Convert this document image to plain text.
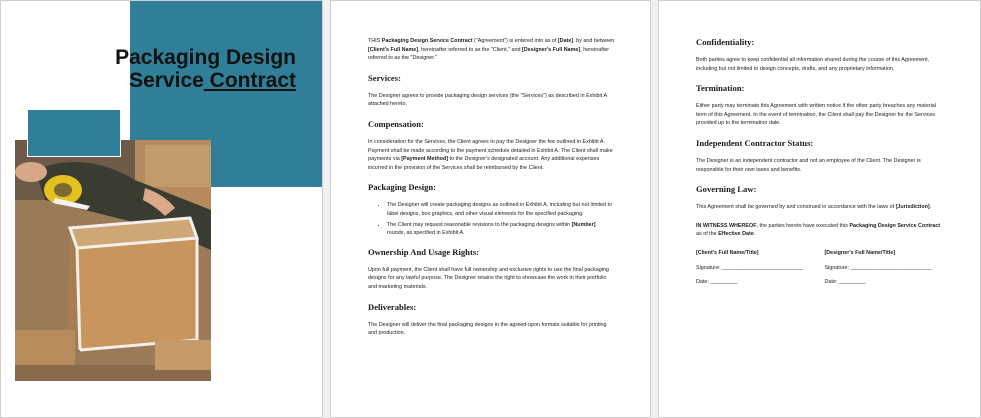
Packaging Design
Service Contract

THIS Packaging Design Service Contract ("Agreement") is entered into as of [Date], by and between [Client's Full Name], hereinafter referred to as the "Client," and [Designer's Full Name], hereinafter referred to as the "Designer."

Services:

The Designer agrees to provide packaging design services (the "Services") as described in Exhibit A attached hereto.

Compensation:

In consideration for the Services, the Client agrees to pay the Designer the fee outlined in Exhibit A. Payment shall be made according to the payment schedule detailed in Exhibit A. The Client shall make payments via [Payment Method] to the Designer's designated account. Any additional expenses incurred in the provision of the Services shall be reimbursed by the Client.

Packaging Design:
• The Designer will create packaging designs as outlined in Exhibit A, including but not limited to label designs, box graphics, and other visual elements for the specified packaging.
• The Client may request reasonable revisions to the packaging designs within [Number] rounds, as specified in Exhibit A.
Ownership And Usage Rights:

Upon full payment, the Client shall have full ownership and exclusive rights to use the final packaging designs for any lawful purpose. The Designer retains the right to showcase the work in their portfolio and marketing materials.

Deliverables:

The Designer will deliver the final packaging designs in the agreed-upon formats suitable for printing and production.

Confidentiality:

Both parties agree to keep confidential all information shared during the course of this Agreement, including but not limited to design concepts, drafts, and any proprietary information.

Termination:

Either party may terminate this Agreement with written notice if the other party breaches any material term of this Agreement. In the event of termination, the Client shall pay the Designer for the Services provided up to the termination date.

Independent Contractor Status:

The Designer is an independent contractor and not an employee of the Client. The Designer is responsible for their own taxes and benefits.

Governing Law:

This Agreement shall be governed by and construed in accordance with the laws of [Jurisdiction].

IN WITNESS WHEREOF, the parties hereto have executed this Packaging Design Service Contract as of the Effective Date.

[Client's Full Name/Title]

Signature: ___________________________

Date: _________

[Designer's Full Name/Title]

Signature: ___________________________

Date: _________
